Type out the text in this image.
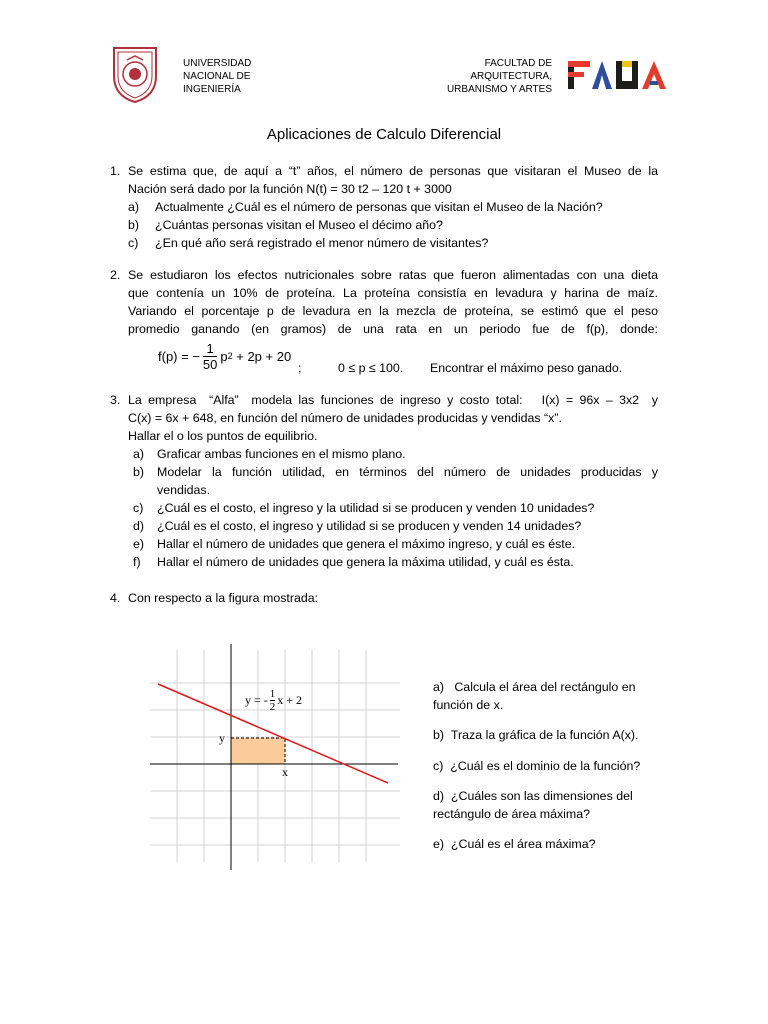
UNIVERSIDAD
NACIONAL DE
INGENIERÍA
FACULTAD DE
ARQUITECTURA,
URBANISMO Y ARTES
Aplicaciones de Calculo Diferencial
1. Se estima que, de aquí a “t” años, el número de personas que visitaran el Museo de la
Nación será dado por la función N(t) = 30 t2 – 120 t + 3000
a)	Actualmente ¿Cuál es el número de personas que visitan el Museo de la Nación?
b)	¿Cuántas personas visitan el Museo el décimo año?
c)	¿En qué año será registrado el menor número de visitantes?
2. Se estudiaron los efectos nutricionales sobre ratas que fueron alimentadas con una dieta
que contenía un 10% de proteína. La proteína consistía en levadura y harina de maíz.
Variando el porcentaje p de levadura en la mezcla de proteína, se estimó que el peso
promedio ganando (en gramos) de una rata en un periodo fue de f(p), donde:
f(p) = − $\frac{1}{50}$ p 2 + 2p + 20
;	0 ≤ p ≤ 100. Encontrar el máximo peso ganado.
3. La empresa  “Alfa”  modela las funciones de ingreso y costo total:   I(x) = 96x – 3x2  y
C(x) = 6x + 648, en función del número de unidades producidas y vendidas “x”.
Hallar el o los puntos de equilibrio.
a)	Graficar ambas funciones en el mismo plano.
b)	Modelar la función utilidad, en términos del número de unidades producidas y
vendidas.
c)	¿Cuál es el costo, el ingreso y la utilidad si se producen y venden 10 unidades?
d)	¿Cuál es el costo, el ingreso y utilidad si se producen y venden 14 unidades?
e)	Hallar el número de unidades que genera el máximo ingreso, y cuál es éste.
f)	Hallar el número de unidades que genera la máxima utilidad, y cuál es ésta.
4. Con respecto a la figura mostrada:
y = - $\frac{1}{2}$ x + 2
y
x
a) Calcula el área del rectángulo en
función de x.
b) Traza la gráfica de la función A(x).
c) ¿Cuál es el dominio de la función?
d) ¿Cuáles son las dimensiones del
rectángulo de área máxima?
e) ¿Cuál es el área máxima?
